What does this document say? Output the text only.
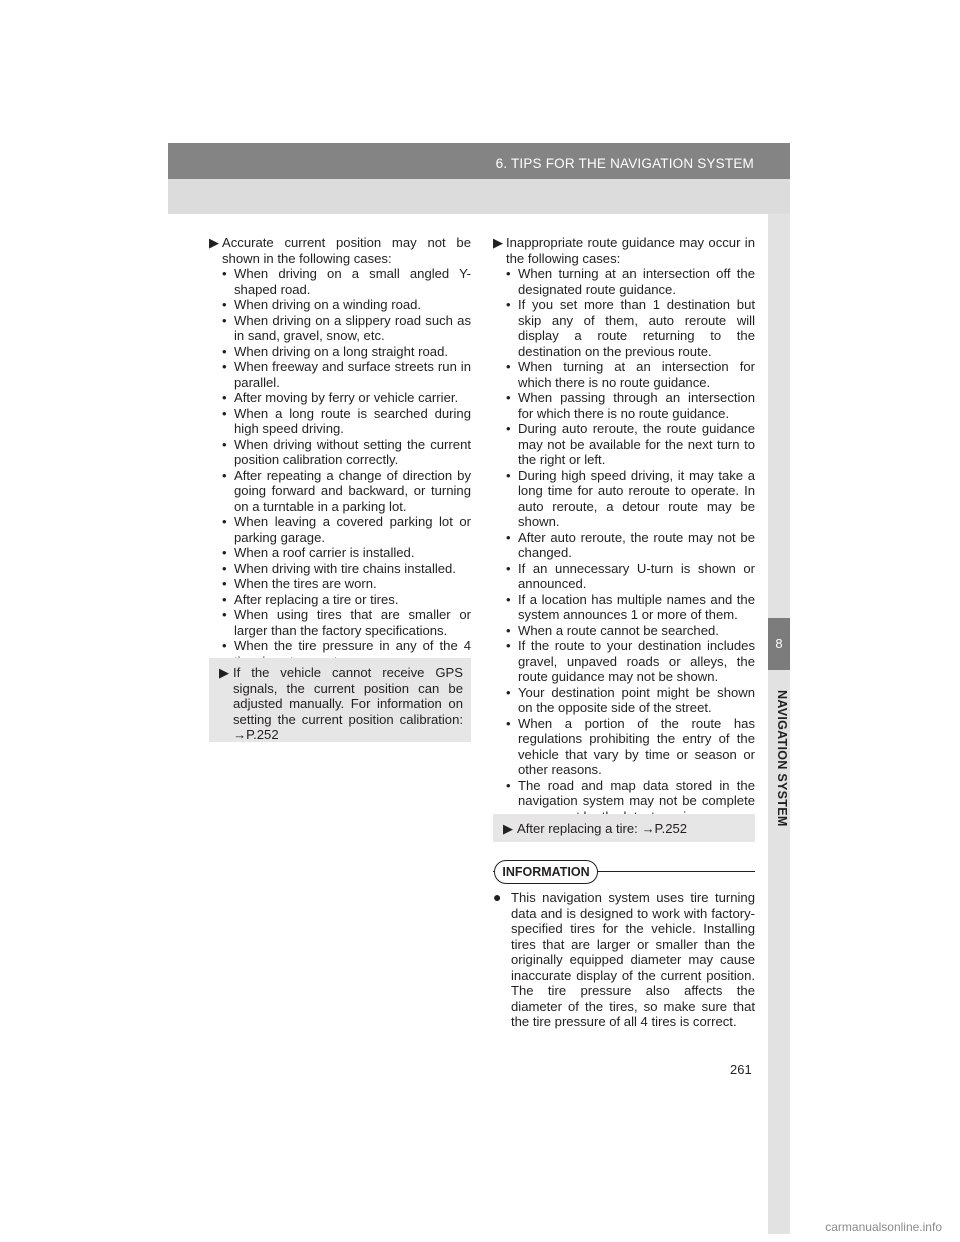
6. TIPS FOR THE NAVIGATION SYSTEM
8
NAVIGATION SYSTEM
▶ Accurate current position may not be shown in the following cases:
• When driving on a small angled Y-shaped road.
• When driving on a winding road.
• When driving on a slippery road such as in sand, gravel, snow, etc.
• When driving on a long straight road.
• When freeway and surface streets run in parallel.
• After moving by ferry or vehicle carrier.
• When a long route is searched during high speed driving.
• When driving without setting the current position calibration correctly.
• After repeating a change of direction by going forward and backward, or turning on a turntable in a parking lot.
• When leaving a covered parking lot or parking garage.
• When a roof carrier is installed.
• When driving with tire chains installed.
• When the tires are worn.
• After replacing a tire or tires.
• When using tires that are smaller or larger than the factory specifications.
• When the tire pressure in any of the 4
▶ If the vehicle cannot receive GPS signals, the current position can be adjusted manually. For information on setting the current position calibration: →P.252
▶ Inappropriate route guidance may occur in the following cases:
• When turning at an intersection off the designated route guidance.
• If you set more than 1 destination but skip any of them, auto reroute will display a route returning to the destination on the previous route.
• When turning at an intersection for which there is no route guidance.
• When passing through an intersection for which there is no route guidance.
• During auto reroute, the route guidance may not be available for the next turn to the right or left.
• During high speed driving, it may take a long time for auto reroute to operate. In auto reroute, a detour route may be shown.
• After auto reroute, the route may not be changed.
• If an unnecessary U-turn is shown or announced.
• If a location has multiple names and the system announces 1 or more of them.
• When a route cannot be searched.
• If the route to your destination includes gravel, unpaved roads or alleys, the route guidance may not be shown.
• Your destination point might be shown on the opposite side of the street.
• When a portion of the route has regulations prohibiting the entry of the vehicle that vary by time or season or other reasons.
• The road and map data stored in the navigation system may not be complete
▶ After replacing a tire: →P.252
INFORMATION
● This navigation system uses tire turning data and is designed to work with factory-specified tires for the vehicle. Installing tires that are larger or smaller than the originally equipped diameter may cause inaccurate display of the current position. The tire pressure also affects the diameter of the tires, so make sure that the tire pressure of all 4 tires is correct.
261
carmanualsonline.info
